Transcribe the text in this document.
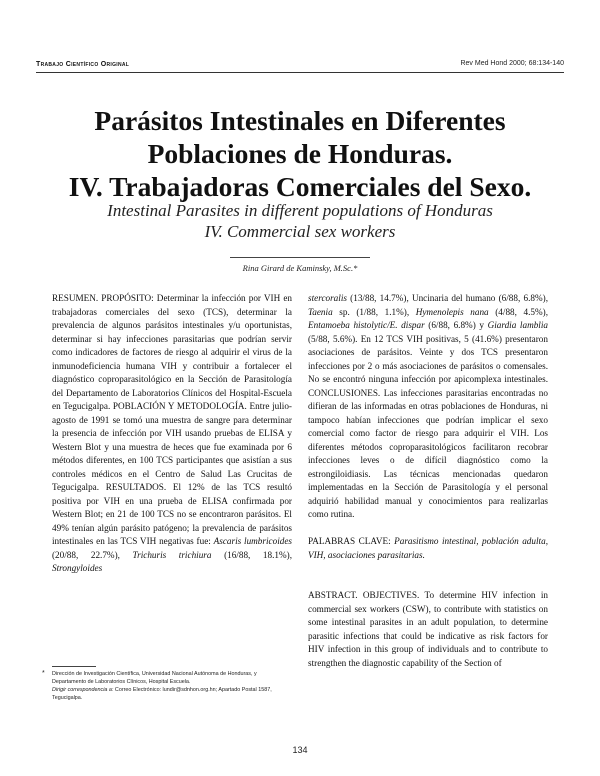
Trabajo Científico Original	Rev Med Hond 2000; 68:134-140
Parásitos Intestinales en Diferentes
Poblaciones de Honduras.
IV. Trabajadoras Comerciales del Sexo.
Intestinal Parasites in different populations of Honduras
IV. Commercial sex workers
Rina Girard de Kaminsky, M.Sc.*

RESUMEN. PROPÓSITO: Determinar la infección por VIH en trabajadoras comerciales del sexo (TCS), determinar la prevalencia de algunos parásitos intestinales y/u oportunistas, determinar si hay infecciones parasitarias que podrían servir como indicadores de factores de riesgo al adquirir el virus de la inmunodeficiencia humana VIH y contribuir a fortalecer el diagnóstico coproparasitológico en la Sección de Parasitología del Departamento de Laboratorios Clínicos del Hospital-Escuela en Tegucigalpa. POBLACIÓN Y METODOLOGÍA. Entre julio-agosto de 1991 se tomó una muestra de sangre para determinar la presencia de infección por VIH usando pruebas de ELISA y Western Blot y una muestra de heces que fue examinada por 6 métodos diferentes, en 100 TCS participantes que asistían a sus controles médicos en el Centro de Salud Las Crucitas de Tegucigalpa. RESULTADOS. El 12% de las TCS resultó positiva por VIH en una prueba de ELISA confirmada por Western Blot; en 21 de 100 TCS no se encontraron parásitos. El 49% tenían algún parásito patógeno; la prevalencia de parásitos intestinales en las TCS VIH negativas fue: Ascaris lumbricoides (20/88, 22.7%), Trichuris trichiura (16/88, 18.1%), Strongyloides

stercoralis (13/88, 14.7%), Uncinaria del humano (6/88, 6.8%), Taenia sp. (1/88, 1.1%), Hymenolepis nana (4/88, 4.5%), Entamoeba histolytic/E. dispar (6/88, 6.8%) y Giardia lamblia (5/88, 5.6%). En 12 TCS VIH positivas, 5 (41.6%) presentaron asociaciones de parásitos. Veinte y dos TCS presentaron infecciones por 2 o más asociaciones de parásitos o comensales. No se encontró ninguna infección por apicomplexa intestinales. CONCLUSIONES. Las infecciones parasitarias encontradas no difieran de las informadas en otras poblaciones de Honduras, ni tampoco habían infecciones que podrían implicar el sexo comercial como factor de riesgo para adquirir el VIH. Los diferentes métodos coproparasitológicos facilitaron recobrar infecciones leves o de difícil diagnóstico como la estrongiloidiasis. Las técnicas mencionadas quedaron implementadas en la Sección de Parasitología y el personal adquirió habilidad manual y conocimientos para realizarlas como rutina.

PALABRAS CLAVE: Parasitismo intestinal, población adulta, VIH, asociaciones parasitarias.

ABSTRACT. OBJECTIVES. To determine HIV infection in commercial sex workers (CSW), to contribute with statistics on some intestinal parasites in an adult population, to determine parasitic infections that could be indicative as risk factors for HIV infection in this group of individuals and to contribute to strengthen the diagnostic capability of the Section of

* Dirección de Investigación Científica, Universidad Nacional Autónoma de Honduras, y Departamento de Laboratorios Clínicos, Hospital Escuela.
Dirigir correspondencia a: Correo Electrónico: lundir@sdnhon.org.hn; Apartado Postal 1587, Tegucigalpa.
134
